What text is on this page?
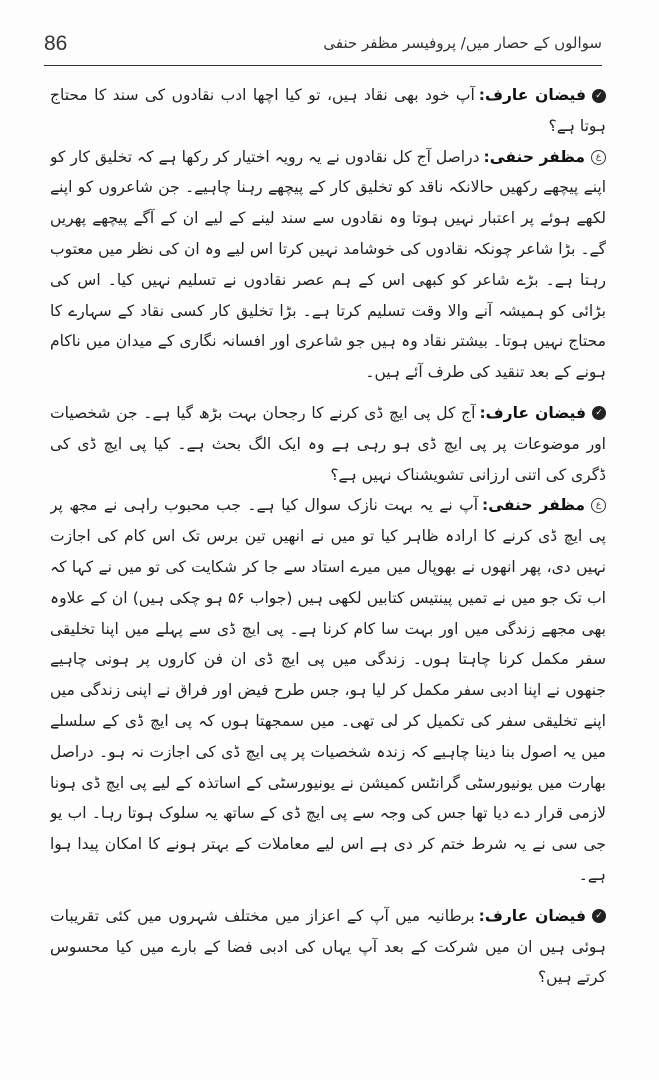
86	سوالوں کے حصار میں/ پروفیسر مظفر حنفی

✓فیضان عارف:آپ خود بھی نقاد ہیں، تو کیا اچھا ادب نقادوں کی سند کا محتاج ہوتا ہے؟

عمظفر حنفی:دراصل آج کل نقادوں نے یہ رویہ اختیار کر رکھا ہے کہ تخلیق کار کو اپنے پیچھے رکھیں حالانکہ ناقد کو تخلیق کار کے پیچھے رہنا چاہیے۔ جن شاعروں کو اپنے لکھے ہوئے پر اعتبار نہیں ہوتا وہ نقادوں سے سند لینے کے لیے ان کے آگے پیچھے پھریں گے۔ بڑا شاعر چونکہ نقادوں کی خوشامد نہیں کرتا اس لیے وہ ان کی نظر میں معتوب رہتا ہے۔ بڑے شاعر کو کبھی اس کے ہم عصر نقادوں نے تسلیم نہیں کیا۔ اس کی بڑائی کو ہمیشہ آنے والا وقت تسلیم کرتا ہے۔ بڑا تخلیق کار کسی نقاد کے سہارے کا محتاج نہیں ہوتا۔ بیشتر نقاد وہ ہیں جو شاعری اور افسانہ نگاری کے میدان میں ناکام ہونے کے بعد تنقید کی طرف آئے ہیں۔

✓فیضان عارف:آج کل پی ایچ ڈی کرنے کا رجحان بہت بڑھ گیا ہے۔ جن شخصیات اور موضوعات پر پی ایچ ڈی ہو رہی ہے وہ ایک الگ بحث ہے۔ کیا پی ایچ ڈی کی ڈگری کی اتنی ارزانی تشویشناک نہیں ہے؟

عمظفر حنفی:آپ نے یہ بہت نازک سوال کیا ہے۔ جب محبوب راہی نے مجھ پر پی ایچ ڈی کرنے کا ارادہ ظاہر کیا تو میں نے انھیں تین برس تک اس کام کی اجازت نہیں دی، پھر انھوں نے بھوپال میں میرے استاد سے جا کر شکایت کی تو میں نے کہا کہ اب تک جو میں نے تمیں پینتیس کتابیں لکھی ہیں (جواب ۵۶ ہو چکی ہیں) ان کے علاوہ بھی مجھے زندگی میں اور بہت سا کام کرنا ہے۔ پی ایچ ڈی سے پہلے میں اپنا تخلیقی سفر مکمل کرنا چاہتا ہوں۔ زندگی میں پی ایچ ڈی ان فن کاروں پر ہونی چاہیے جنھوں نے اپنا ادبی سفر مکمل کر لیا ہو، جس طرح فیض اور فراق نے اپنی زندگی میں اپنے تخلیقی سفر کی تکمیل کر لی تھی۔ میں سمجھتا ہوں کہ پی ایچ ڈی کے سلسلے میں یہ اصول بنا دینا چاہیے کہ زندہ شخصیات پر پی ایچ ڈی کی اجازت نہ ہو۔ دراصل بھارت میں یونیورسٹی گرانٹس کمیشن نے یونیورسٹی کے اساتذہ کے لیے پی ایچ ڈی ہونا لازمی قرار دے دیا تھا جس کی وجہ سے پی ایچ ڈی کے ساتھ یہ سلوک ہوتا رہا۔ اب یو جی سی نے یہ شرط ختم کر دی ہے اس لیے معاملات کے بہتر ہونے کا امکان پیدا ہوا ہے۔

✓فیضان عارف:برطانیہ میں آپ کے اعزاز میں مختلف شہروں میں کئی تقریبات ہوئی ہیں ان میں شرکت کے بعد آپ یہاں کی ادبی فضا کے بارے میں کیا محسوس کرتے ہیں؟
